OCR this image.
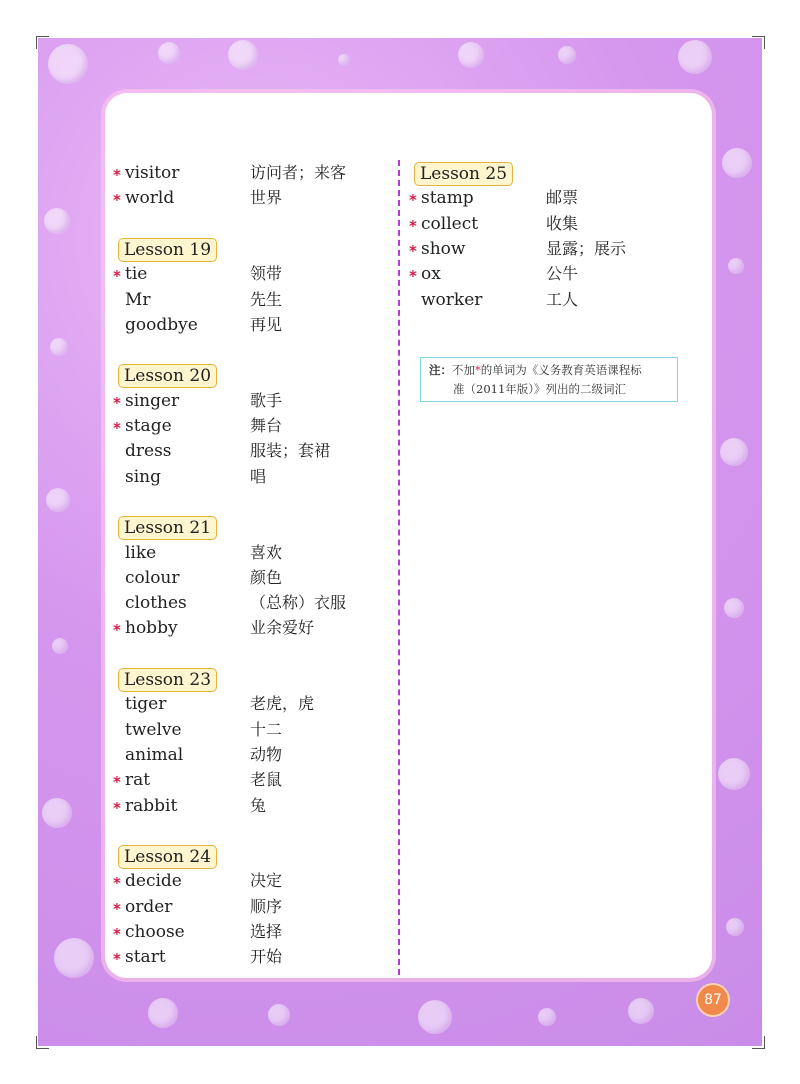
* visitor	访问者；来客
* world	世界
Lesson 19
* tie	领带
Mr	先生
goodbye	再见
Lesson 20
* singer	歌手
* stage	舞台
dress	服装；套裙
sing	唱
Lesson 21
like	喜欢
colour	颜色
clothes	（总称）衣服
* hobby	业余爱好
Lesson 23
tiger	老虎，虎
twelve	十二
animal	动物
* rat	老鼠
* rabbit	兔
Lesson 24
* decide	决定
* order	顺序
* choose	选择
* start	开始
Lesson 25
* stamp	邮票
* collect	收集
* show	显露；展示
* ox	公牛
worker	工人
注：不加*的单词为《义务教育英语课程标
准（2011年版）》列出的二级词汇
87
